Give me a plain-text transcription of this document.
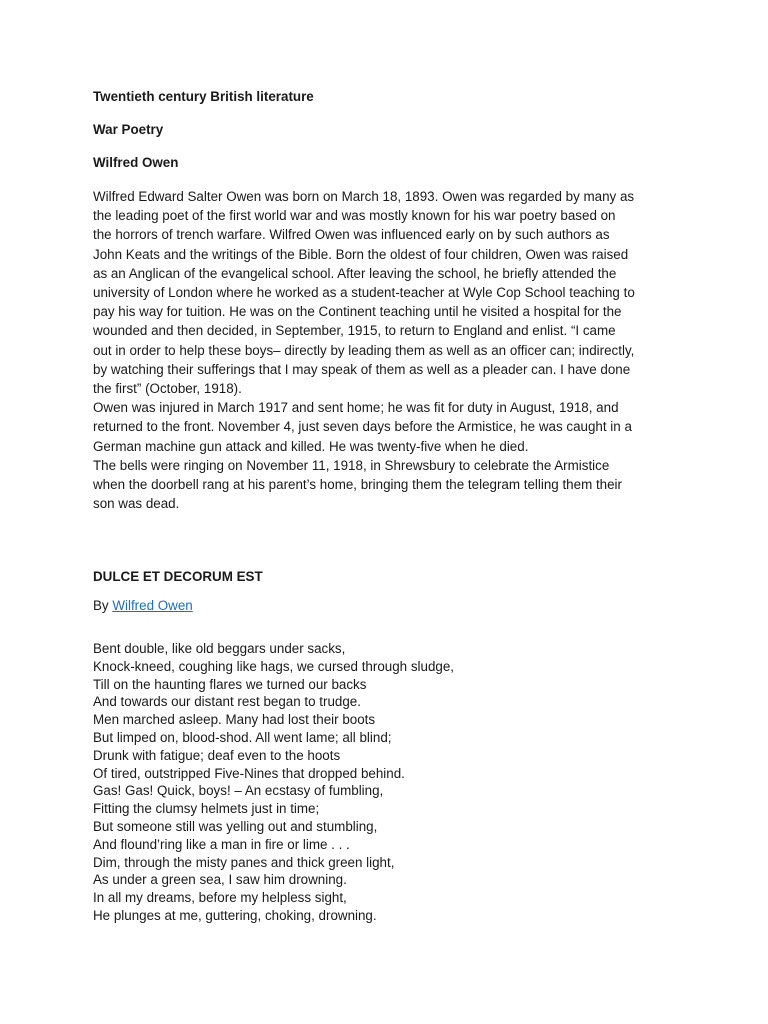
Twentieth century British literature
War Poetry
Wilfred Owen

Wilfred Edward Salter Owen was born on March 18, 1893. Owen was regarded by many as
the leading poet of the first world war and was mostly known for his war poetry based on
the horrors of trench warfare. Wilfred Owen was influenced early on by such authors as
John Keats and the writings of the Bible. Born the oldest of four children, Owen was raised
as an Anglican of the evangelical school. After leaving the school, he briefly attended the
university of London where he worked as a student-teacher at Wyle Cop School teaching to
pay his way for tuition. He was on the Continent teaching until he visited a hospital for the
wounded and then decided, in September, 1915, to return to England and enlist. “I came
out in order to help these boys– directly by leading them as well as an officer can; indirectly,
by watching their sufferings that I may speak of them as well as a pleader can. I have done
the first” (October, 1918).

Owen was injured in March 1917 and sent home; he was fit for duty in August, 1918, and
returned to the front. November 4, just seven days before the Armistice, he was caught in a
German machine gun attack and killed. He was twenty-five when he died.

The bells were ringing on November 11, 1918, in Shrewsbury to celebrate the Armistice
when the doorbell rang at his parent’s home, bringing them the telegram telling them their
son was dead.

DULCE ET DECORUM EST
By Wilfred Owen
Bent double, like old beggars under sacks,
Knock-kneed, coughing like hags, we cursed through sludge,
Till on the haunting flares we turned our backs
And towards our distant rest began to trudge.
Men marched asleep. Many had lost their boots
But limped on, blood-shod. All went lame; all blind;
Drunk with fatigue; deaf even to the hoots
Of tired, outstripped Five-Nines that dropped behind.
Gas! Gas! Quick, boys! – An ecstasy of fumbling,
Fitting the clumsy helmets just in time;
But someone still was yelling out and stumbling,
And flound’ring like a man in fire or lime . . .
Dim, through the misty panes and thick green light,
As under a green sea, I saw him drowning.
In all my dreams, before my helpless sight,
He plunges at me, guttering, choking, drowning.
